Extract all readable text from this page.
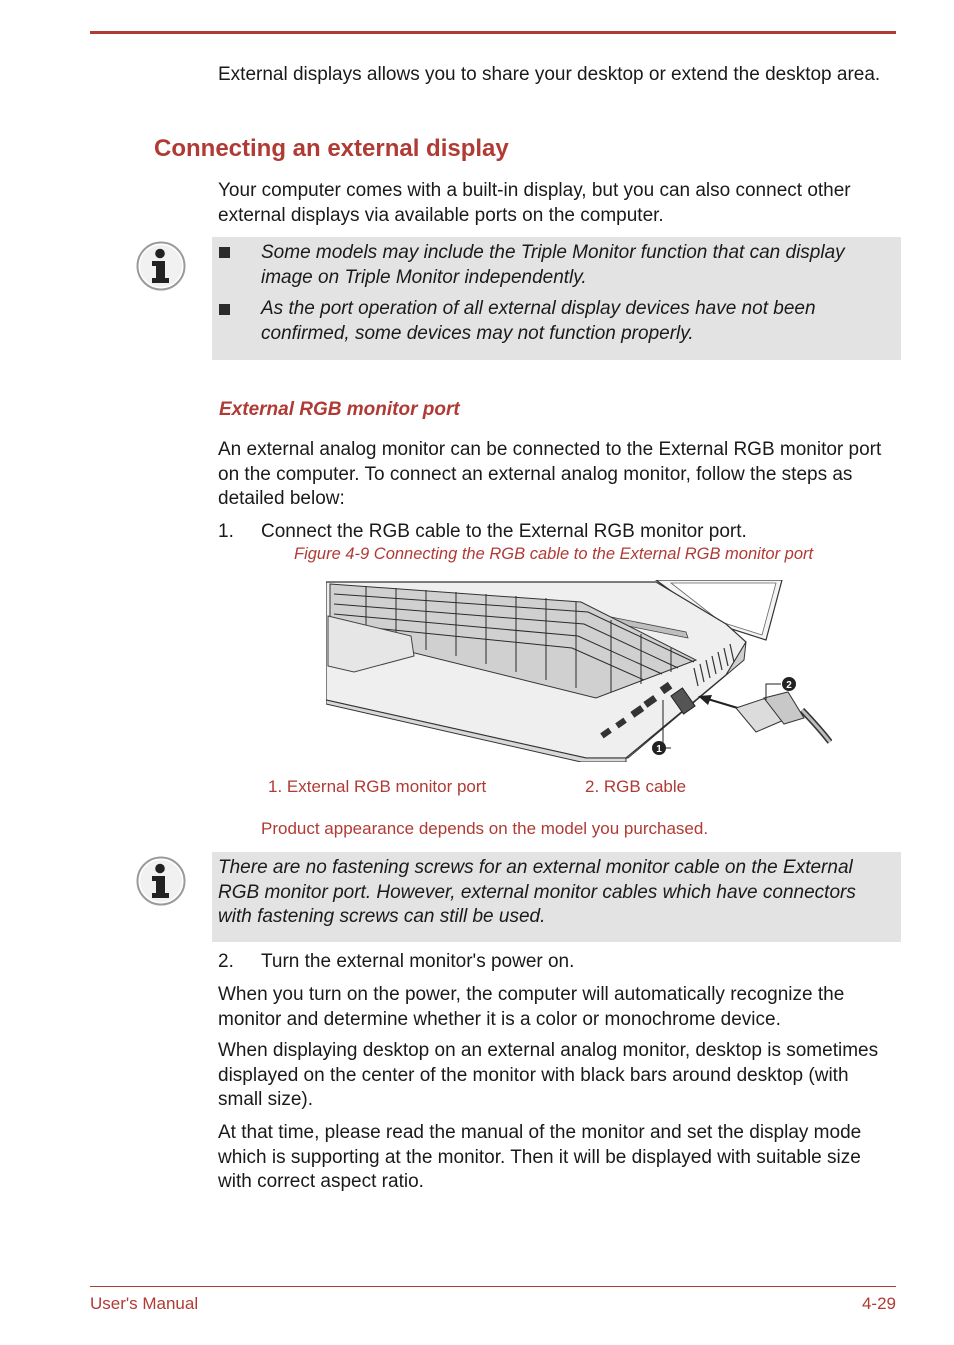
External displays allows you to share your desktop or extend the desktop area.
Connecting an external display
Your computer comes with a built-in display, but you can also connect other external displays via available ports on the computer.
Some models may include the Triple Monitor function that can display image on Triple Monitor independently.
As the port operation of all external display devices have not been confirmed, some devices may not function properly.
External RGB monitor port
An external analog monitor can be connected to the External RGB monitor port on the computer. To connect an external analog monitor, follow the steps as detailed below:
1. Connect the RGB cable to the External RGB monitor port.
Figure 4-9 Connecting the RGB cable to the External RGB monitor port
1
2
1. External RGB monitor port	2. RGB cable
Product appearance depends on the model you purchased.
There are no fastening screws for an external monitor cable on the External RGB monitor port. However, external monitor cables which have connectors with fastening screws can still be used.
2. Turn the external monitor's power on.
When you turn on the power, the computer will automatically recognize the monitor and determine whether it is a color or monochrome device.
When displaying desktop on an external analog monitor, desktop is sometimes displayed on the center of the monitor with black bars around desktop (with small size).
At that time, please read the manual of the monitor and set the display mode which is supporting at the monitor. Then it will be displayed with suitable size with correct aspect ratio.
User's Manual	4-29
